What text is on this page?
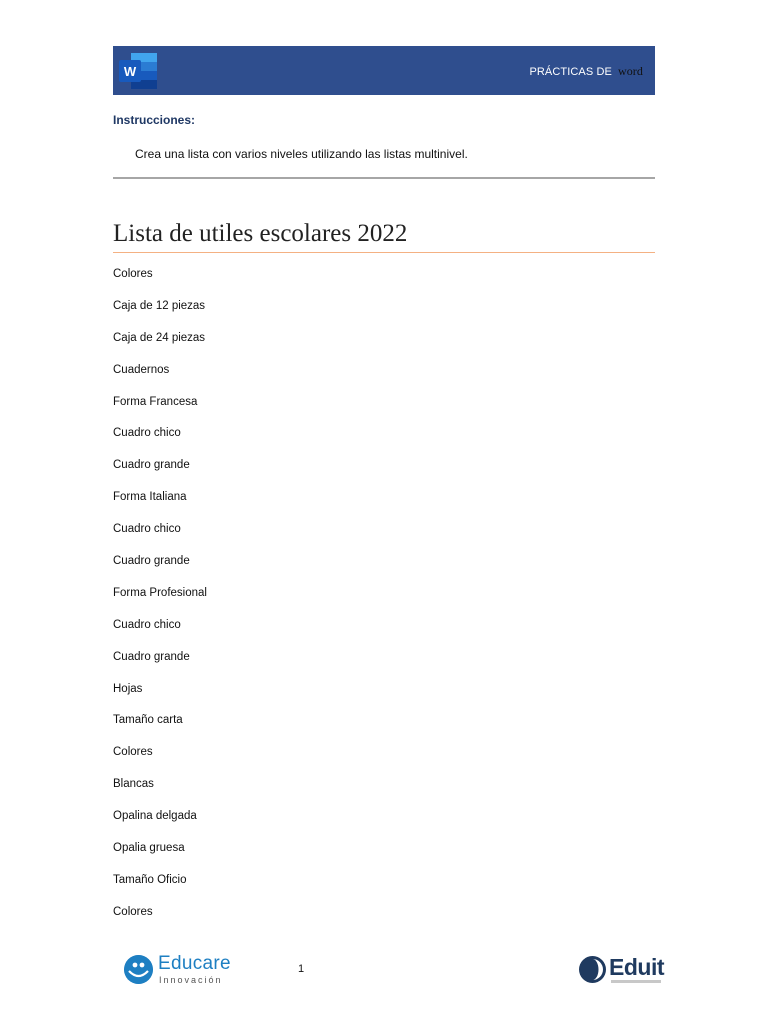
W	PRÁCTICAS DE word
Instrucciones:
Crea una lista con varios niveles utilizando las listas multinivel.
Lista de utiles escolares 2022
Colores
Caja de 12 piezas
Caja de 24 piezas
Cuadernos
Forma Francesa
Cuadro chico
Cuadro grande
Forma Italiana
Cuadro chico
Cuadro grande
Forma Profesional
Cuadro chico
Cuadro grande
Hojas
Tamaño carta
Colores
Blancas
Opalina delgada
Opalia gruesa
Tamaño Oficio
Colores
Educare
Innovación
1	Eduit
